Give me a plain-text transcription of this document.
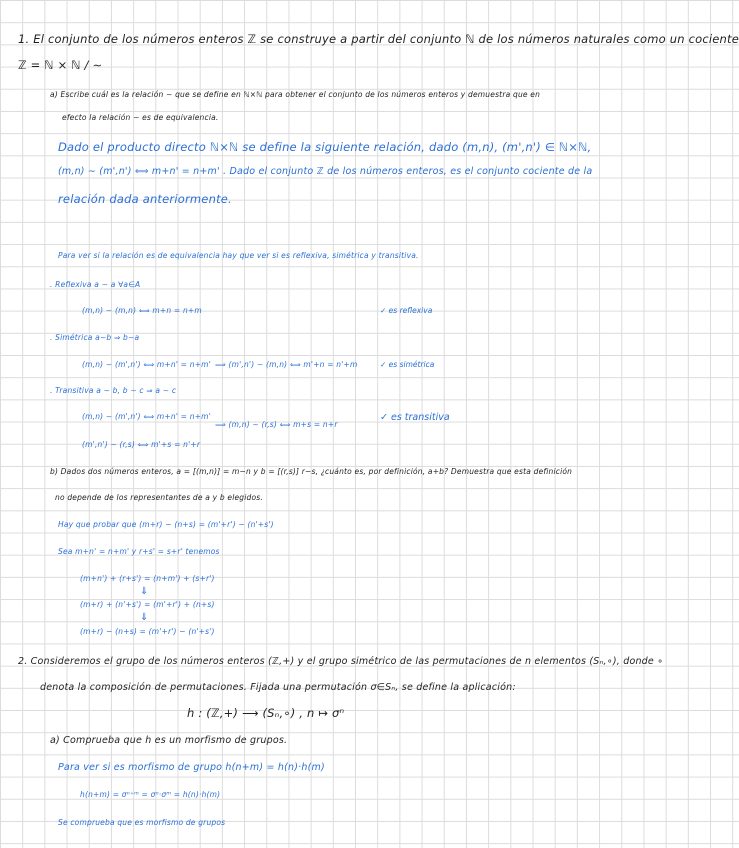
1. El conjunto de los números enteros ℤ se construye a partir del conjunto ℕ de los números naturales como un cociente
ℤ = ℕ × ℕ / ∼
a) Escribe cuál es la relación ∼ que se define en ℕ×ℕ para obtener el conjunto de los números enteros y demuestra que en
efecto la relación ∼ es de equivalencia.
Dado el producto directo ℕ×ℕ se define la siguiente relación, dado (m,n), (m',n') ∈ ℕ×ℕ,
(m,n) ∼ (m',n') ⟺ m+n' = n+m' . Dado el conjunto ℤ de los números enteros, es el conjunto cociente de la
relación dada anteriormente.
Para ver si la relación es de equivalencia hay que ver si es reflexiva, simétrica y transitiva.
. Reflexiva a ∼ a ∀a∈A
(m,n) ∼ (m,n) ⟺ m+n = n+m	✓ es reflexiva
. Simétrica a∼b ⇒ b∼a
(m,n) ∼ (m',n') ⟺ m+n' = n+m' ⟹ (m',n') ∼ (m,n) ⟺ m'+n = n'+m	✓ es simétrica
. Transitiva a ∼ b, b ∼ c ⇒ a ∼ c
(m,n) ∼ (m',n') ⟺ m+n' = n+m'
⟹ (m,n) ∼ (r,s) ⟺ m+s = n+r
✓ es transitiva
(m',n') ∼ (r,s) ⟺ m'+s = n'+r
b) Dados dos números enteros, a = [(m,n)] = m−n y b = [(r,s)] r−s, ¿cuánto es, por definición, a+b? Demuestra que esta definición
no depende de los representantes de a y b elegidos.
Hay que probar que (m+r) − (n+s) = (m'+r') − (n'+s')
Sea m+n' = n+m' y r+s' = s+r' tenemos
(m+n') + (r+s') = (n+m') + (s+r')
⇓
(m+r) + (n'+s') = (m'+r') + (n+s)
⇓
(m+r) − (n+s) = (m'+r') − (n'+s')
2. Consideremos el grupo de los números enteros (ℤ,+) y el grupo simétrico de las permutaciones de n elementos (Sₙ,∘), donde ∘
denota la composición de permutaciones. Fijada una permutación σ∈Sₙ, se define la aplicación:
h : (ℤ,+) ⟶ (Sₙ,∘) , n ↦ σⁿ
a) Comprueba que h es un morfismo de grupos.
Para ver si es morfismo de grupo h(n+m) = h(n)·h(m)
h(n+m) = σⁿ⁺ᵐ = σⁿ·σᵐ = h(n)·h(m)
Se comprueba que es morfismo de grupos
